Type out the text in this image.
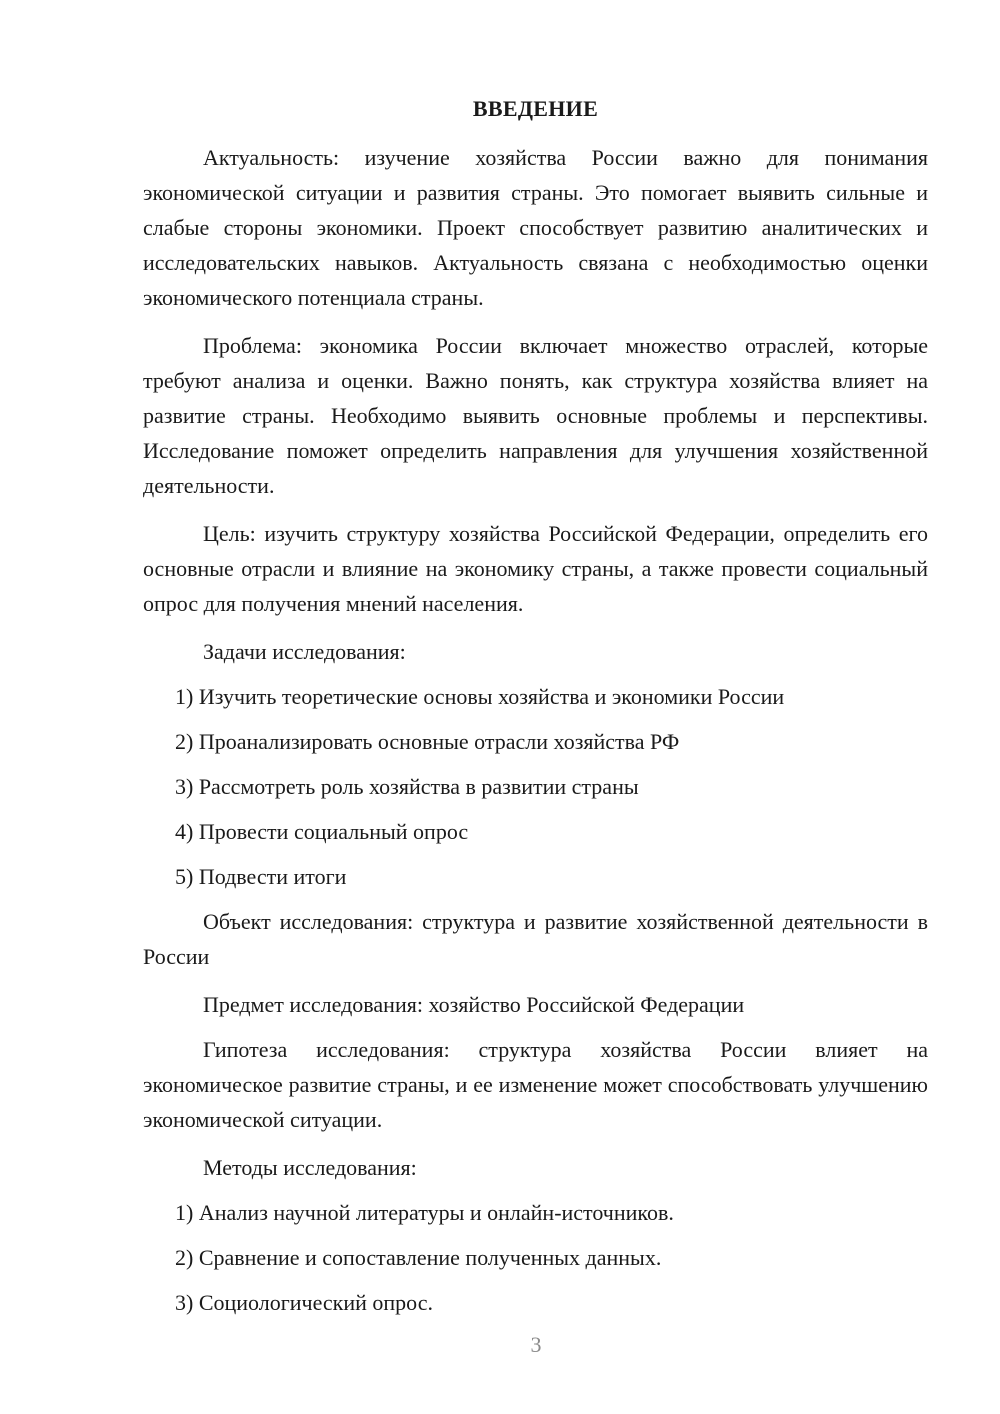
ВВЕДЕНИЕ

Актуальность: изучение хозяйства России важно для понимания экономической ситуации и развития страны. Это помогает выявить сильные и слабые стороны экономики. Проект способствует развитию аналитических и исследовательских навыков. Актуальность связана с необходимостью оценки экономического потенциала страны.

Проблема: экономика России включает множество отраслей, которые требуют анализа и оценки. Важно понять, как структура хозяйства влияет на развитие страны. Необходимо выявить основные проблемы и перспективы. Исследование поможет определить направления для улучшения хозяйственной деятельности.

Цель: изучить структуру хозяйства Российской Федерации, определить его основные отрасли и влияние на экономику страны, а также провести социальный опрос для получения мнений населения.

Задачи исследования:

1) Изучить теоретические основы хозяйства и экономики России
2) Проанализировать основные отрасли хозяйства РФ
3) Рассмотреть роль хозяйства в развитии страны
4) Провести социальный опрос
5) Подвести итоги

Объект исследования: структура и развитие хозяйственной деятельности в России

Предмет исследования: хозяйство Российской Федерации

Гипотеза исследования: структура хозяйства России влияет на экономическое развитие страны, и ее изменение может способствовать улучшению экономической ситуации.

Методы исследования:

1) Анализ научной литературы и онлайн-источников.
2) Сравнение и сопоставление полученных данных.
3) Социологический опрос.
3
